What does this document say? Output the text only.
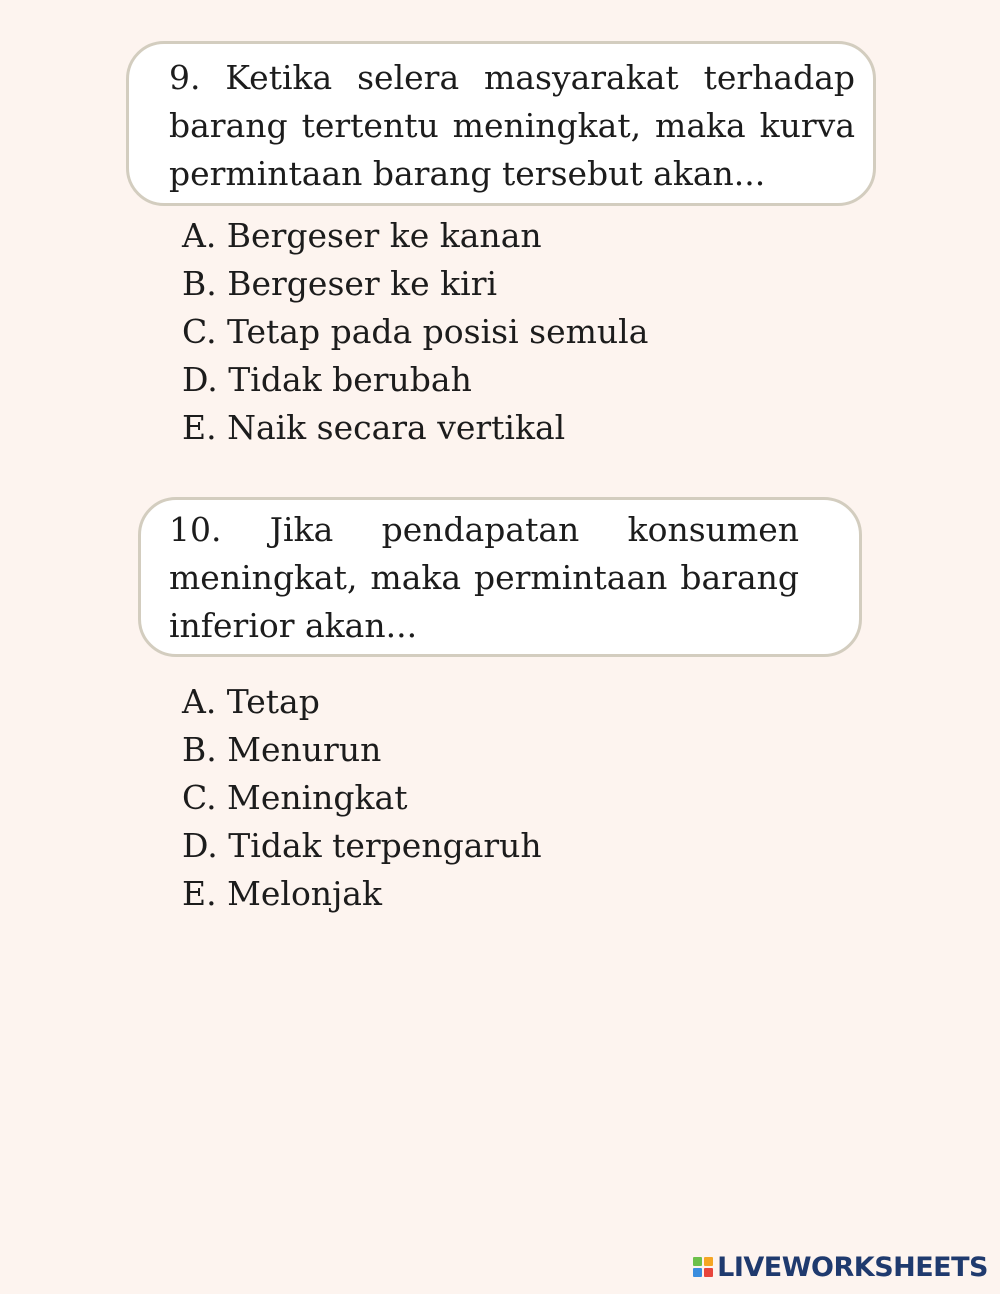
9. Ketika selera masyarakat terhadap barang tertentu meningkat, maka kurva permintaan barang tersebut akan...

A. Bergeser ke kanan
B. Bergeser ke kiri
C. Tetap pada posisi semula
D. Tidak berubah
E. Naik secara vertikal

10. Jika pendapatan konsumen meningkat, maka permintaan barang inferior akan...

A. Tetap
B. Menurun
C. Meningkat
D. Tidak terpengaruh
E. Melonjak
LIVEWORKSHEETS
